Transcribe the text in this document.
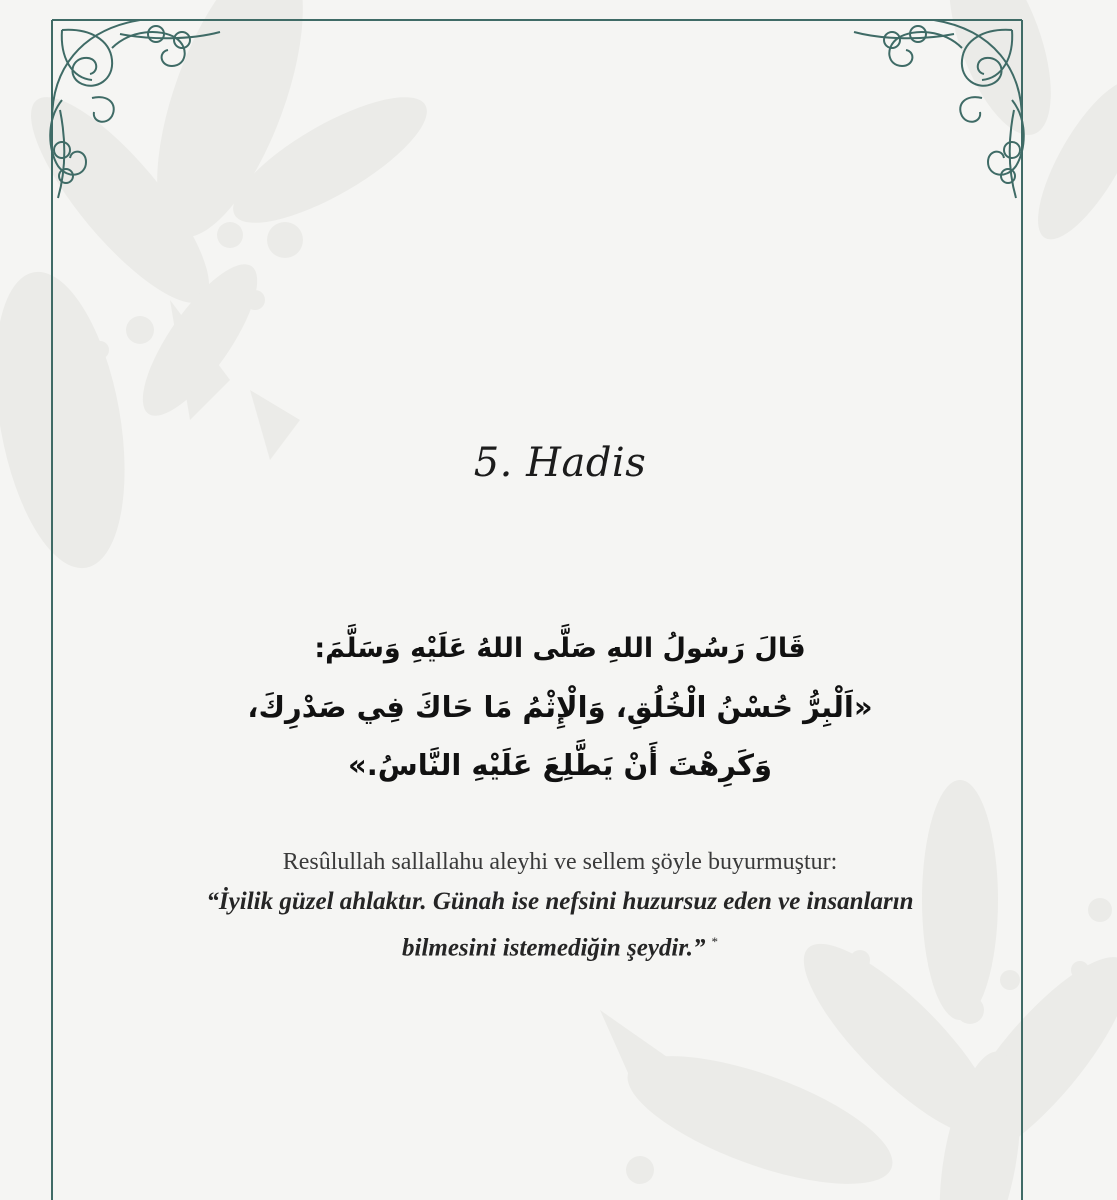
5. Hadis
قَالَ رَسُولُ اللهِ صَلَّى اللهُ عَلَيْهِ وَسَلَّمَ:
«اَلْبِرُّ حُسْنُ الْخُلُقِ، وَالْإِثْمُ مَا حَاكَ فِي صَدْرِكَ،
وَكَرِهْتَ أَنْ يَطَّلِعَ عَلَيْهِ النَّاسُ.»
Resûlullah sallallahu aleyhi ve sellem şöyle buyurmuştur:
“İyilik güzel ahlaktır. Günah ise nefsini huzursuz eden ve insanların
bilmesini istemediğin şeydir.” *
